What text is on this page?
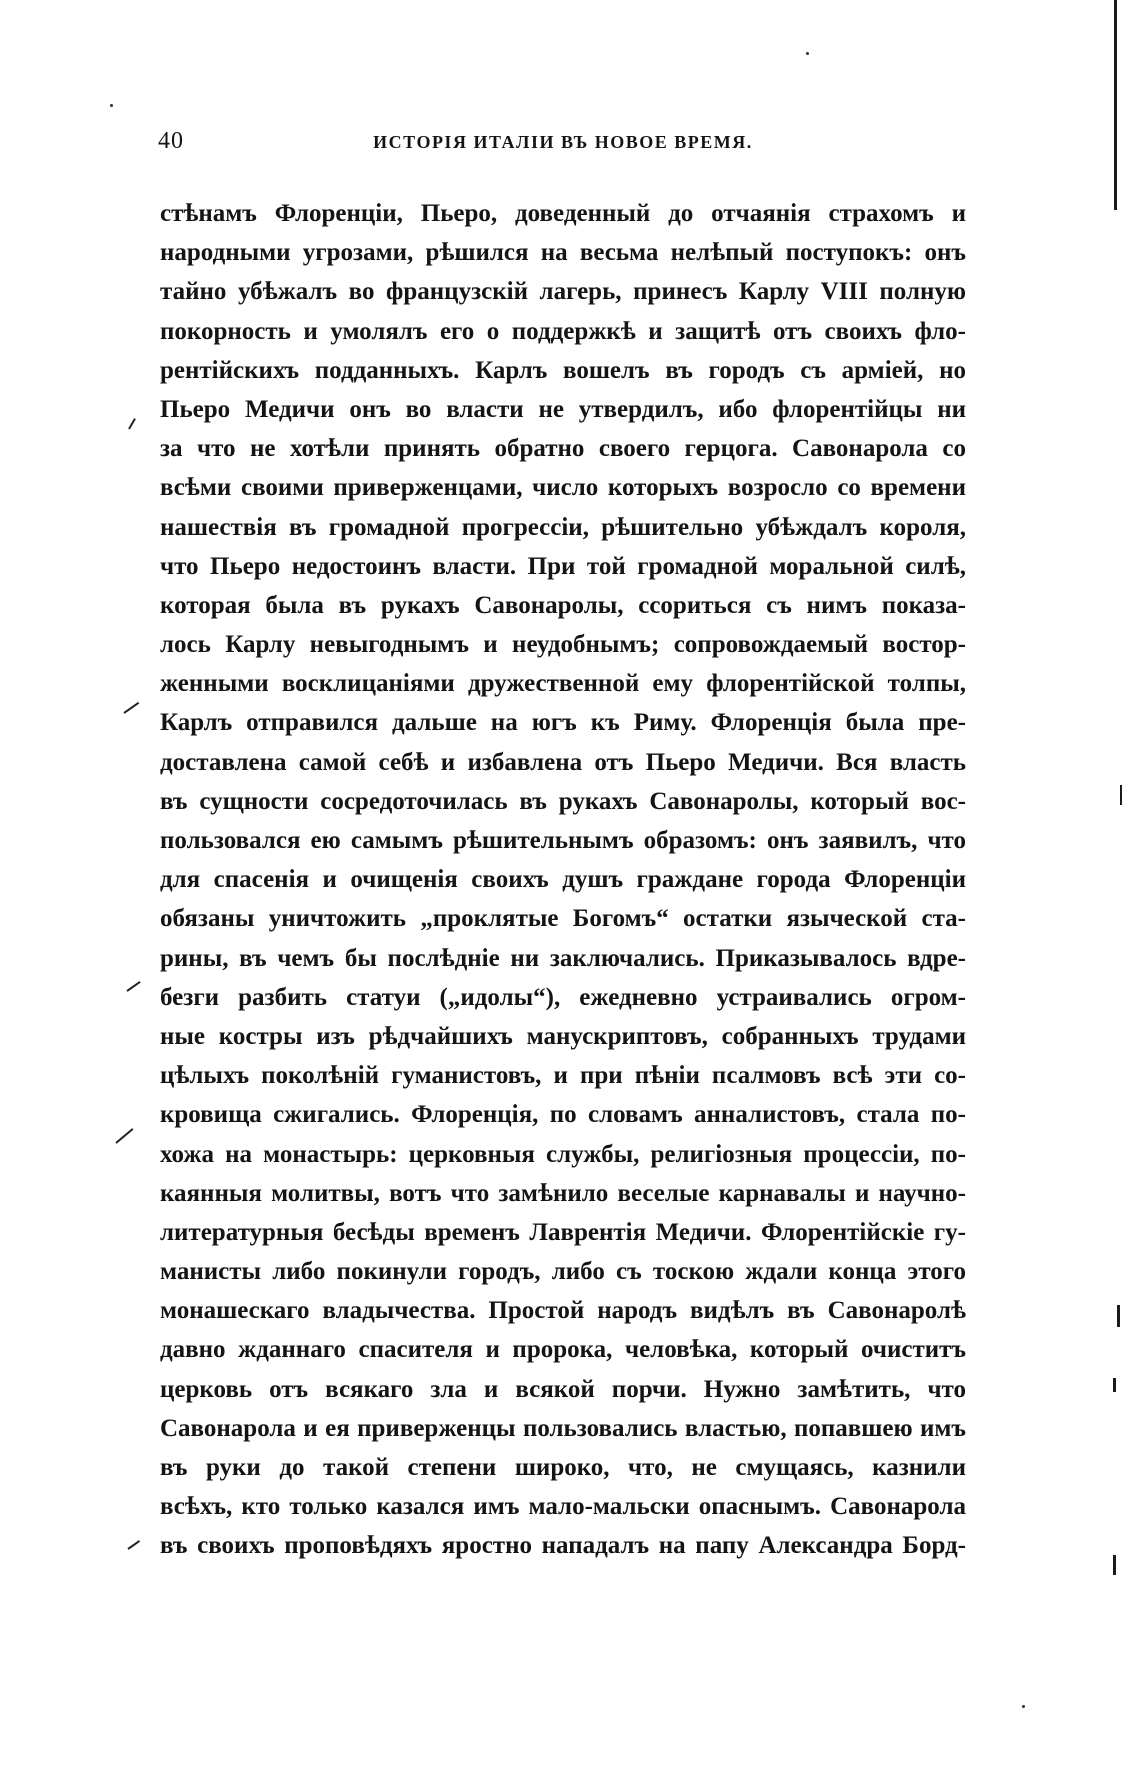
40	ИСТОРІЯ ИТАЛІИ ВЪ НОВОЕ ВРЕМЯ.
стѣнамъ Флоренціи, Пьеро, доведенный до отчаянія страхомъ и
народными угрозами, рѣшился на весьма нелѣпый поступокъ: онъ
тайно убѣжалъ во французскій лагерь, принесъ Карлу VIII полную
покорность и умолялъ его о поддержкѣ и защитѣ отъ своихъ фло-
рентійскихъ подданныхъ. Карлъ вошелъ въ городъ съ арміей, но
Пьеро Медичи онъ во власти не утвердилъ, ибо флорентійцы ни
за что не хотѣли принять обратно своего герцога. Савонарола со
всѣми своими приверженцами, число которыхъ возросло со времени
нашествія въ громадной прогрессіи, рѣшительно убѣждалъ короля,
что Пьеро недостоинъ власти. При той громадной моральной силѣ,
которая была въ рукахъ Савонаролы, ссориться съ нимъ показа-
лось Карлу невыгоднымъ и неудобнымъ; сопровождаемый востор-
женными восклицаніями дружественной ему флорентійской толпы,
Карлъ отправился дальше на югъ къ Риму. Флоренція была пре-
доставлена самой себѣ и избавлена отъ Пьеро Медичи. Вся власть
въ сущности сосредоточилась въ рукахъ Савонаролы, который вос-
пользовался ею самымъ рѣшительнымъ образомъ: онъ заявилъ, что
для спасенія и очищенія своихъ душъ граждане города Флоренціи
обязаны уничтожить „проклятые Богомъ“ остатки языческой ста-
рины, въ чемъ бы послѣдніе ни заключались. Приказывалось вдре-
безги разбить статуи („идолы“), ежедневно устраивались огром-
ные костры изъ рѣдчайшихъ манускриптовъ, собранныхъ трудами
цѣлыхъ поколѣній гуманистовъ, и при пѣніи псалмовъ всѣ эти со-
кровища сжигались. Флоренція, по словамъ анналистовъ, стала по-
хожа на монастырь: церковныя службы, религіозныя процессіи, по-
каянныя молитвы, вотъ что замѣнило веселые карнавалы и научно-
литературныя бесѣды временъ Лаврентія Медичи. Флорентійскіе гу-
манисты либо покинули городъ, либо съ тоскою ждали конца этого
монашескаго владычества. Простой народъ видѣлъ въ Савонаролѣ
давно жданнаго спасителя и пророка, человѣка, который очиститъ
церковь отъ всякаго зла и всякой порчи. Нужно замѣтить, что
Савонарола и ея приверженцы пользовались властью, попавшею имъ
въ руки до такой степени широко, что, не смущаясь, казнили
всѣхъ, кто только казался имъ мало-мальски опаснымъ. Савонарола
въ своихъ проповѣдяхъ яростно нападалъ на папу Александра Борд-
